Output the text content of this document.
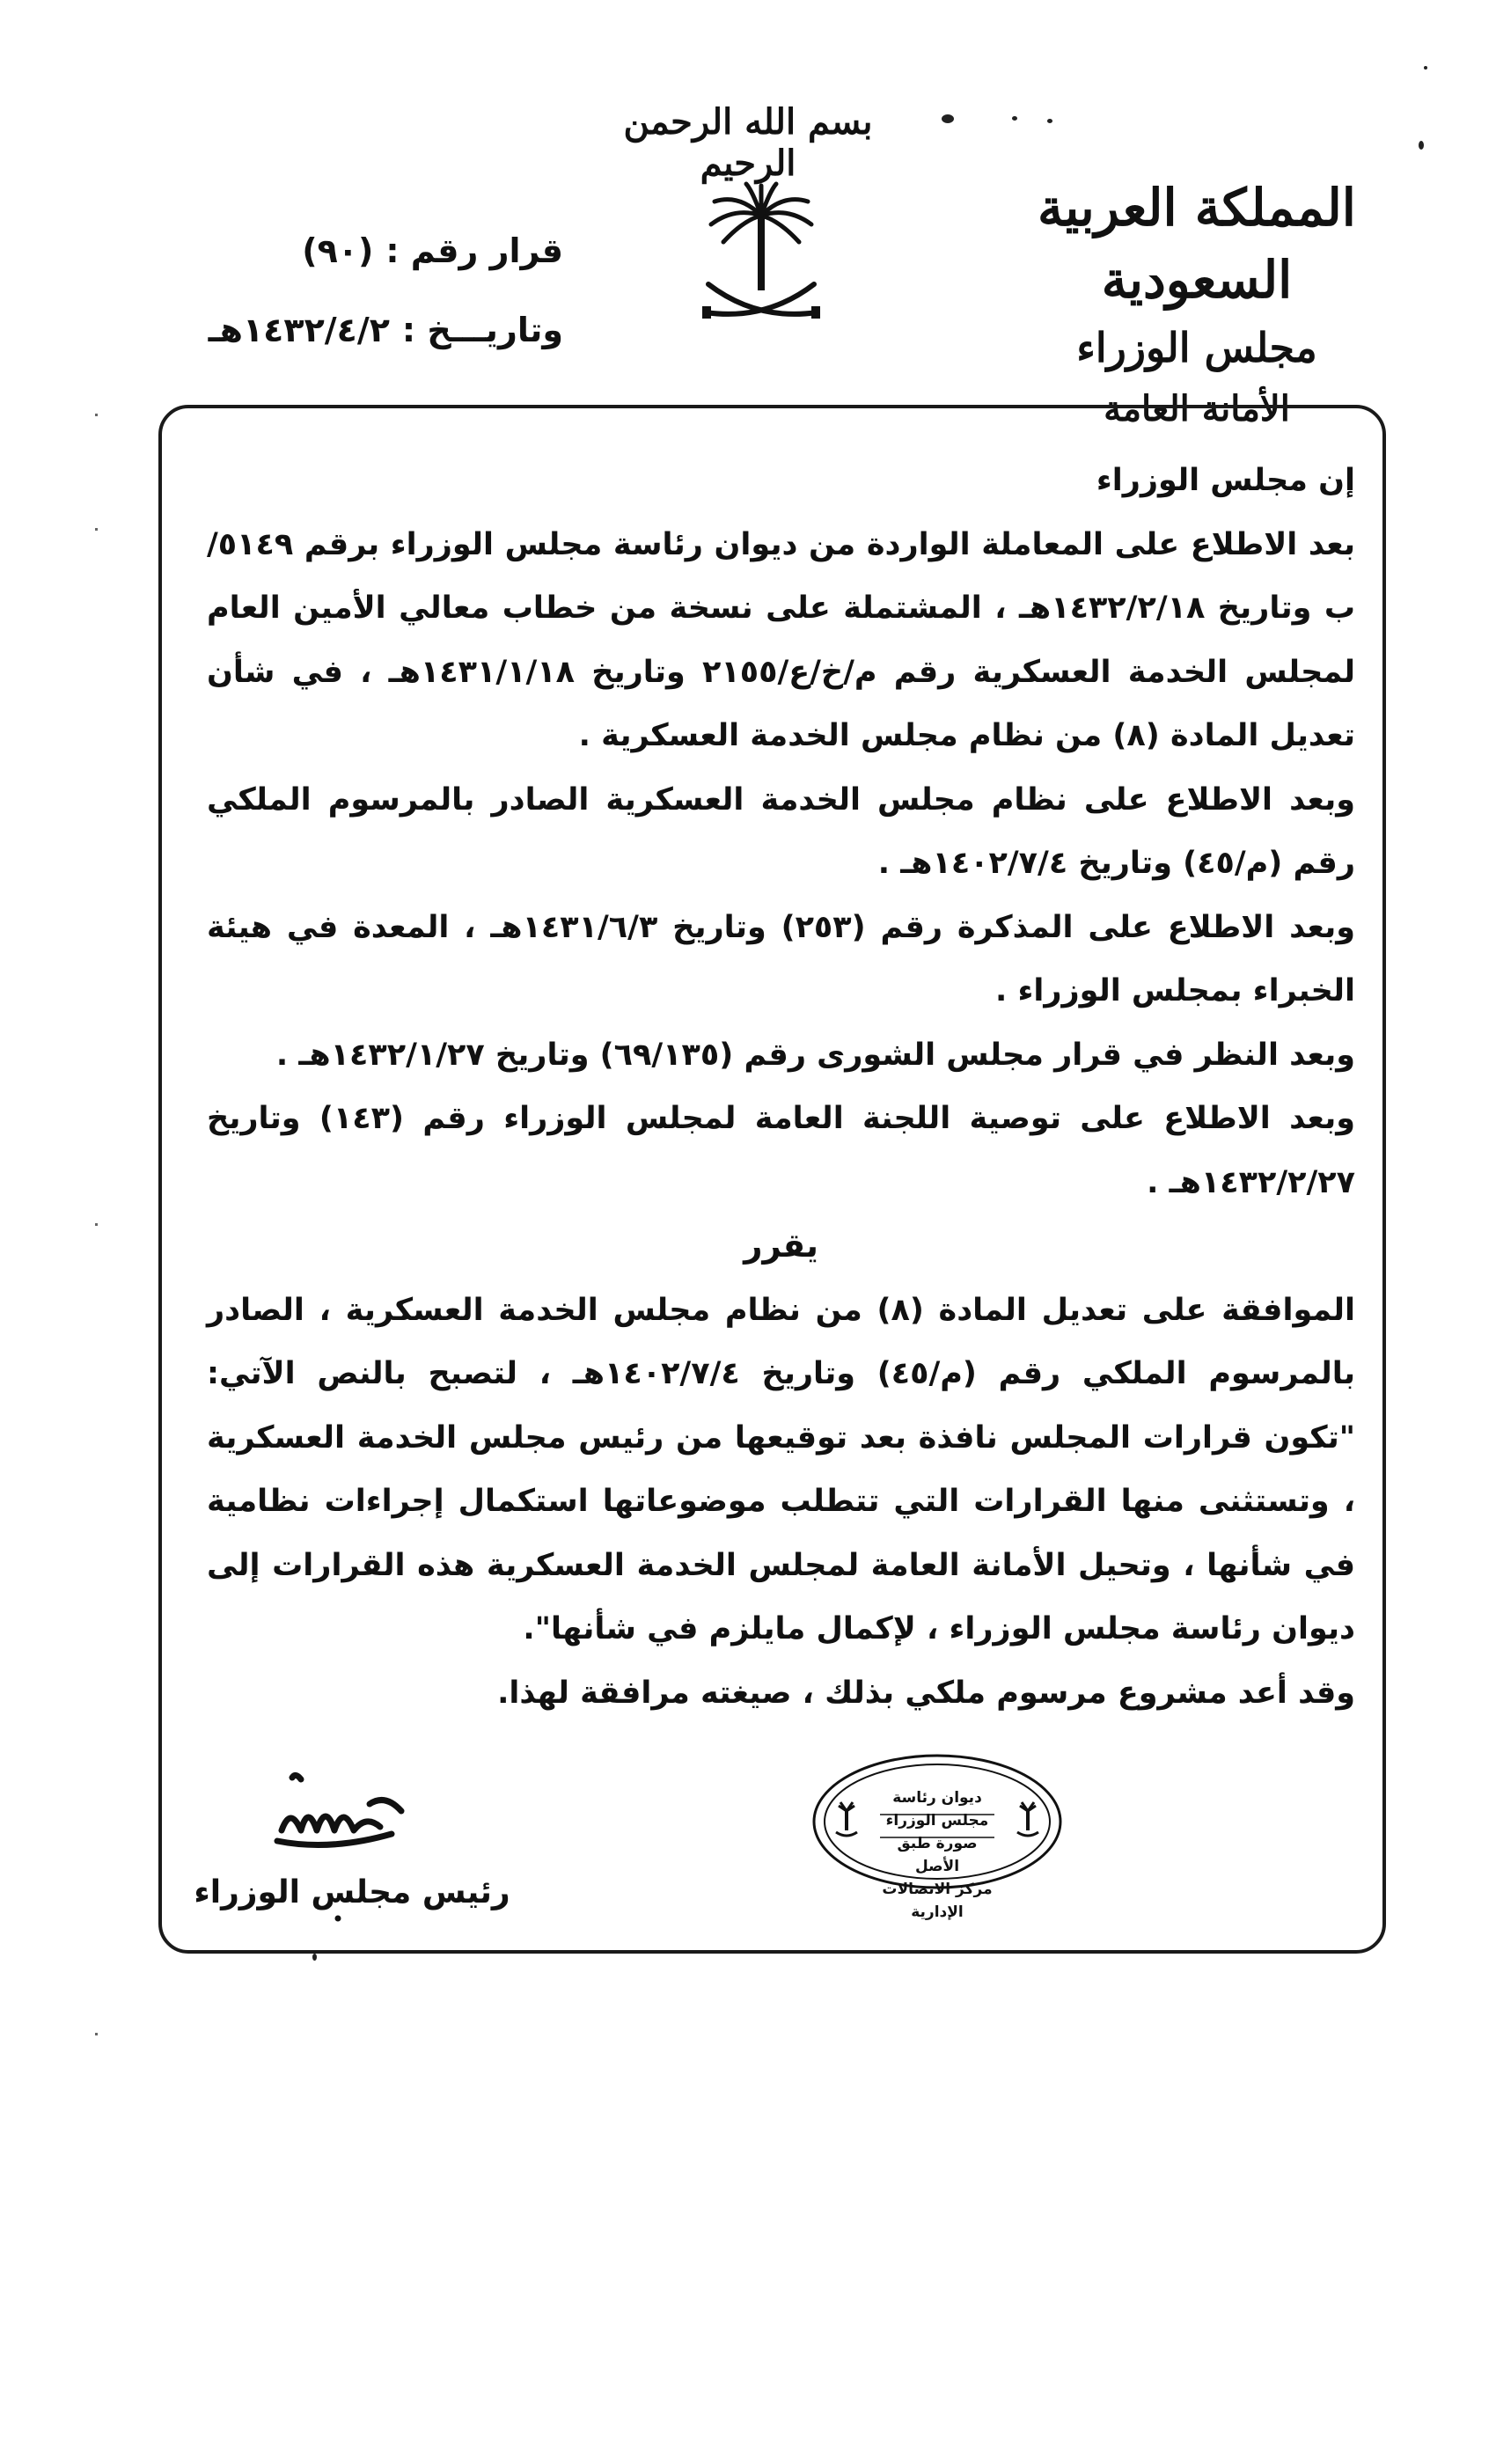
بسم الله الرحمن الرحيم
المملكة العربية السعودية
مجلس الوزراء
الأمانة العامة
قرار رقم :
(٩٠)
وتاريـــخ :
١٤٣٢/٤/٢هـ

إن مجلس الوزراء

بعد الاطلاع على المعاملة الواردة من ديوان رئاسة مجلس الوزراء برقم ٥١٤٩/ب وتاريخ ١٤٣٢/٢/١٨هـ ، المشتملة على نسخة من خطاب معالي الأمين العام لمجلس الخدمة العسكرية رقم م/خ/ع/٢١٥٥ وتاريخ ١٤٣١/١/١٨هـ ، في شأن تعديل المادة (٨) من نظام مجلس الخدمة العسكرية .

وبعد الاطلاع على نظام مجلس الخدمة العسكرية الصادر بالمرسوم الملكي رقم (م/٤٥) وتاريخ ١٤٠٢/٧/٤هـ .

وبعد الاطلاع على المذكرة رقم (٢٥٣) وتاريخ ١٤٣١/٦/٣هـ ، المعدة في هيئة الخبراء بمجلس الوزراء .

وبعد النظر في قرار مجلس الشورى رقم (٦٩/١٣٥) وتاريخ ١٤٣٢/١/٢٧هـ .

وبعد الاطلاع على توصية اللجنة العامة لمجلس الوزراء رقم (١٤٣) وتاريخ ١٤٣٢/٢/٢٧هـ .

يقرر

الموافقة على تعديل المادة (٨) من نظام مجلس الخدمة العسكرية ، الصادر بالمرسوم الملكي رقم (م/٤٥) وتاريخ ١٤٠٢/٧/٤هـ ، لتصبح بالنص الآتي: "تكون قرارات المجلس نافذة بعد توقيعها من رئيس مجلس الخدمة العسكرية ، وتستثنى منها القرارات التي تتطلب موضوعاتها استكمال إجراءات نظامية في شأنها ، وتحيل الأمانة العامة لمجلس الخدمة العسكرية هذه القرارات إلى ديوان رئاسة مجلس الوزراء ، لإكمال مايلزم في شأنها".

وقد أعد مشروع مرسوم ملكي بذلك ، صيغته مرافقة لهذا.

ديوان رئاسة مجلس الوزراء
صورة طبق الأصل
مركز الاتصالات الإدارية
رئيس مجلس الوزراء
